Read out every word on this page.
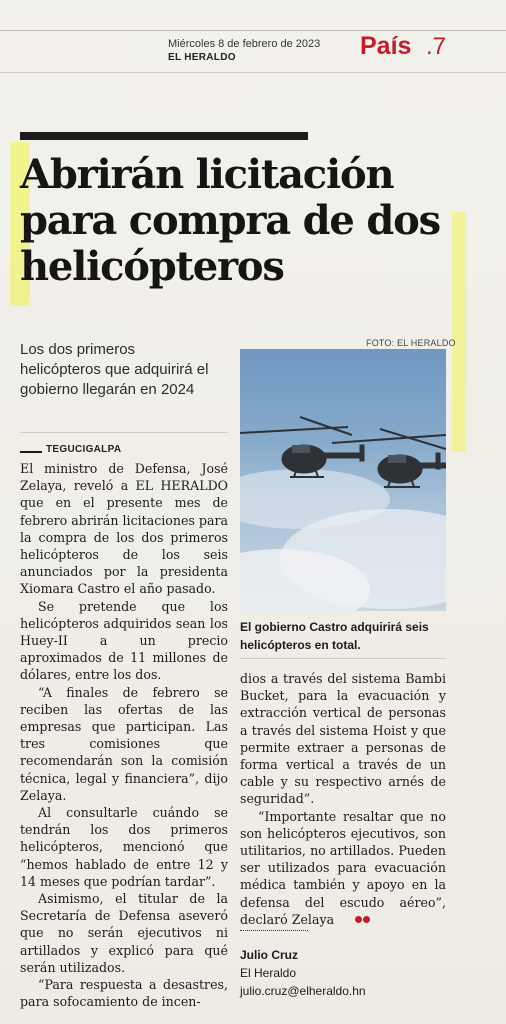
Miércoles 8 de febrero de 2023
EL HERALDO	País .7

Abrirán licitación para compra de dos helicópteros
Los dos primeros helicópteros que adquirirá el gobierno llegarán en 2024
FOTO: EL HERALDO
El gobierno Castro adquirirá seis helicópteros en total.
TEGUCIGALPA

El ministro de Defensa, José Zelaya, reveló a EL HERALDO que en el presente mes de febrero abrirán licitaciones para la compra de los dos primeros helicópteros de los seis anunciados por la presidenta Xiomara Castro el año pasado.

Se pretende que los helicópteros adquiridos sean los Huey-II a un precio aproximados de 11 millones de dólares, entre los dos.

“A finales de febrero se reciben las ofertas de las empresas que participan. Las tres comisiones que recomendarán son la comisión técnica, legal y financiera”, dijo Zelaya.

Al consultarle cuándo se tendrán los dos primeros helicópteros, mencionó que “hemos hablado de entre 12 y 14 meses que podrían tardar”.

Asimismo, el titular de la Secretaría de Defensa aseveró que no serán ejecutivos ni artillados y explicó para qué serán utilizados.

“Para respuesta a desastres, para sofocamiento de incen-

dios a través del sistema Bambi Bucket, para la evacuación y extracción vertical de personas a través del sistema Hoist y que permite extraer a personas de forma vertical a través de un cable y su respectivo arnés de seguridad”.

“Importante resaltar que no son helicópteros ejecutivos, son utilitarios, no artillados. Pueden ser utilizados para evacuación médica también y apoyo en la defensa del escudo aéreo”, declaró Zelaya

Julio Cruz
El Heraldo
julio.cruz@elheraldo.hn
